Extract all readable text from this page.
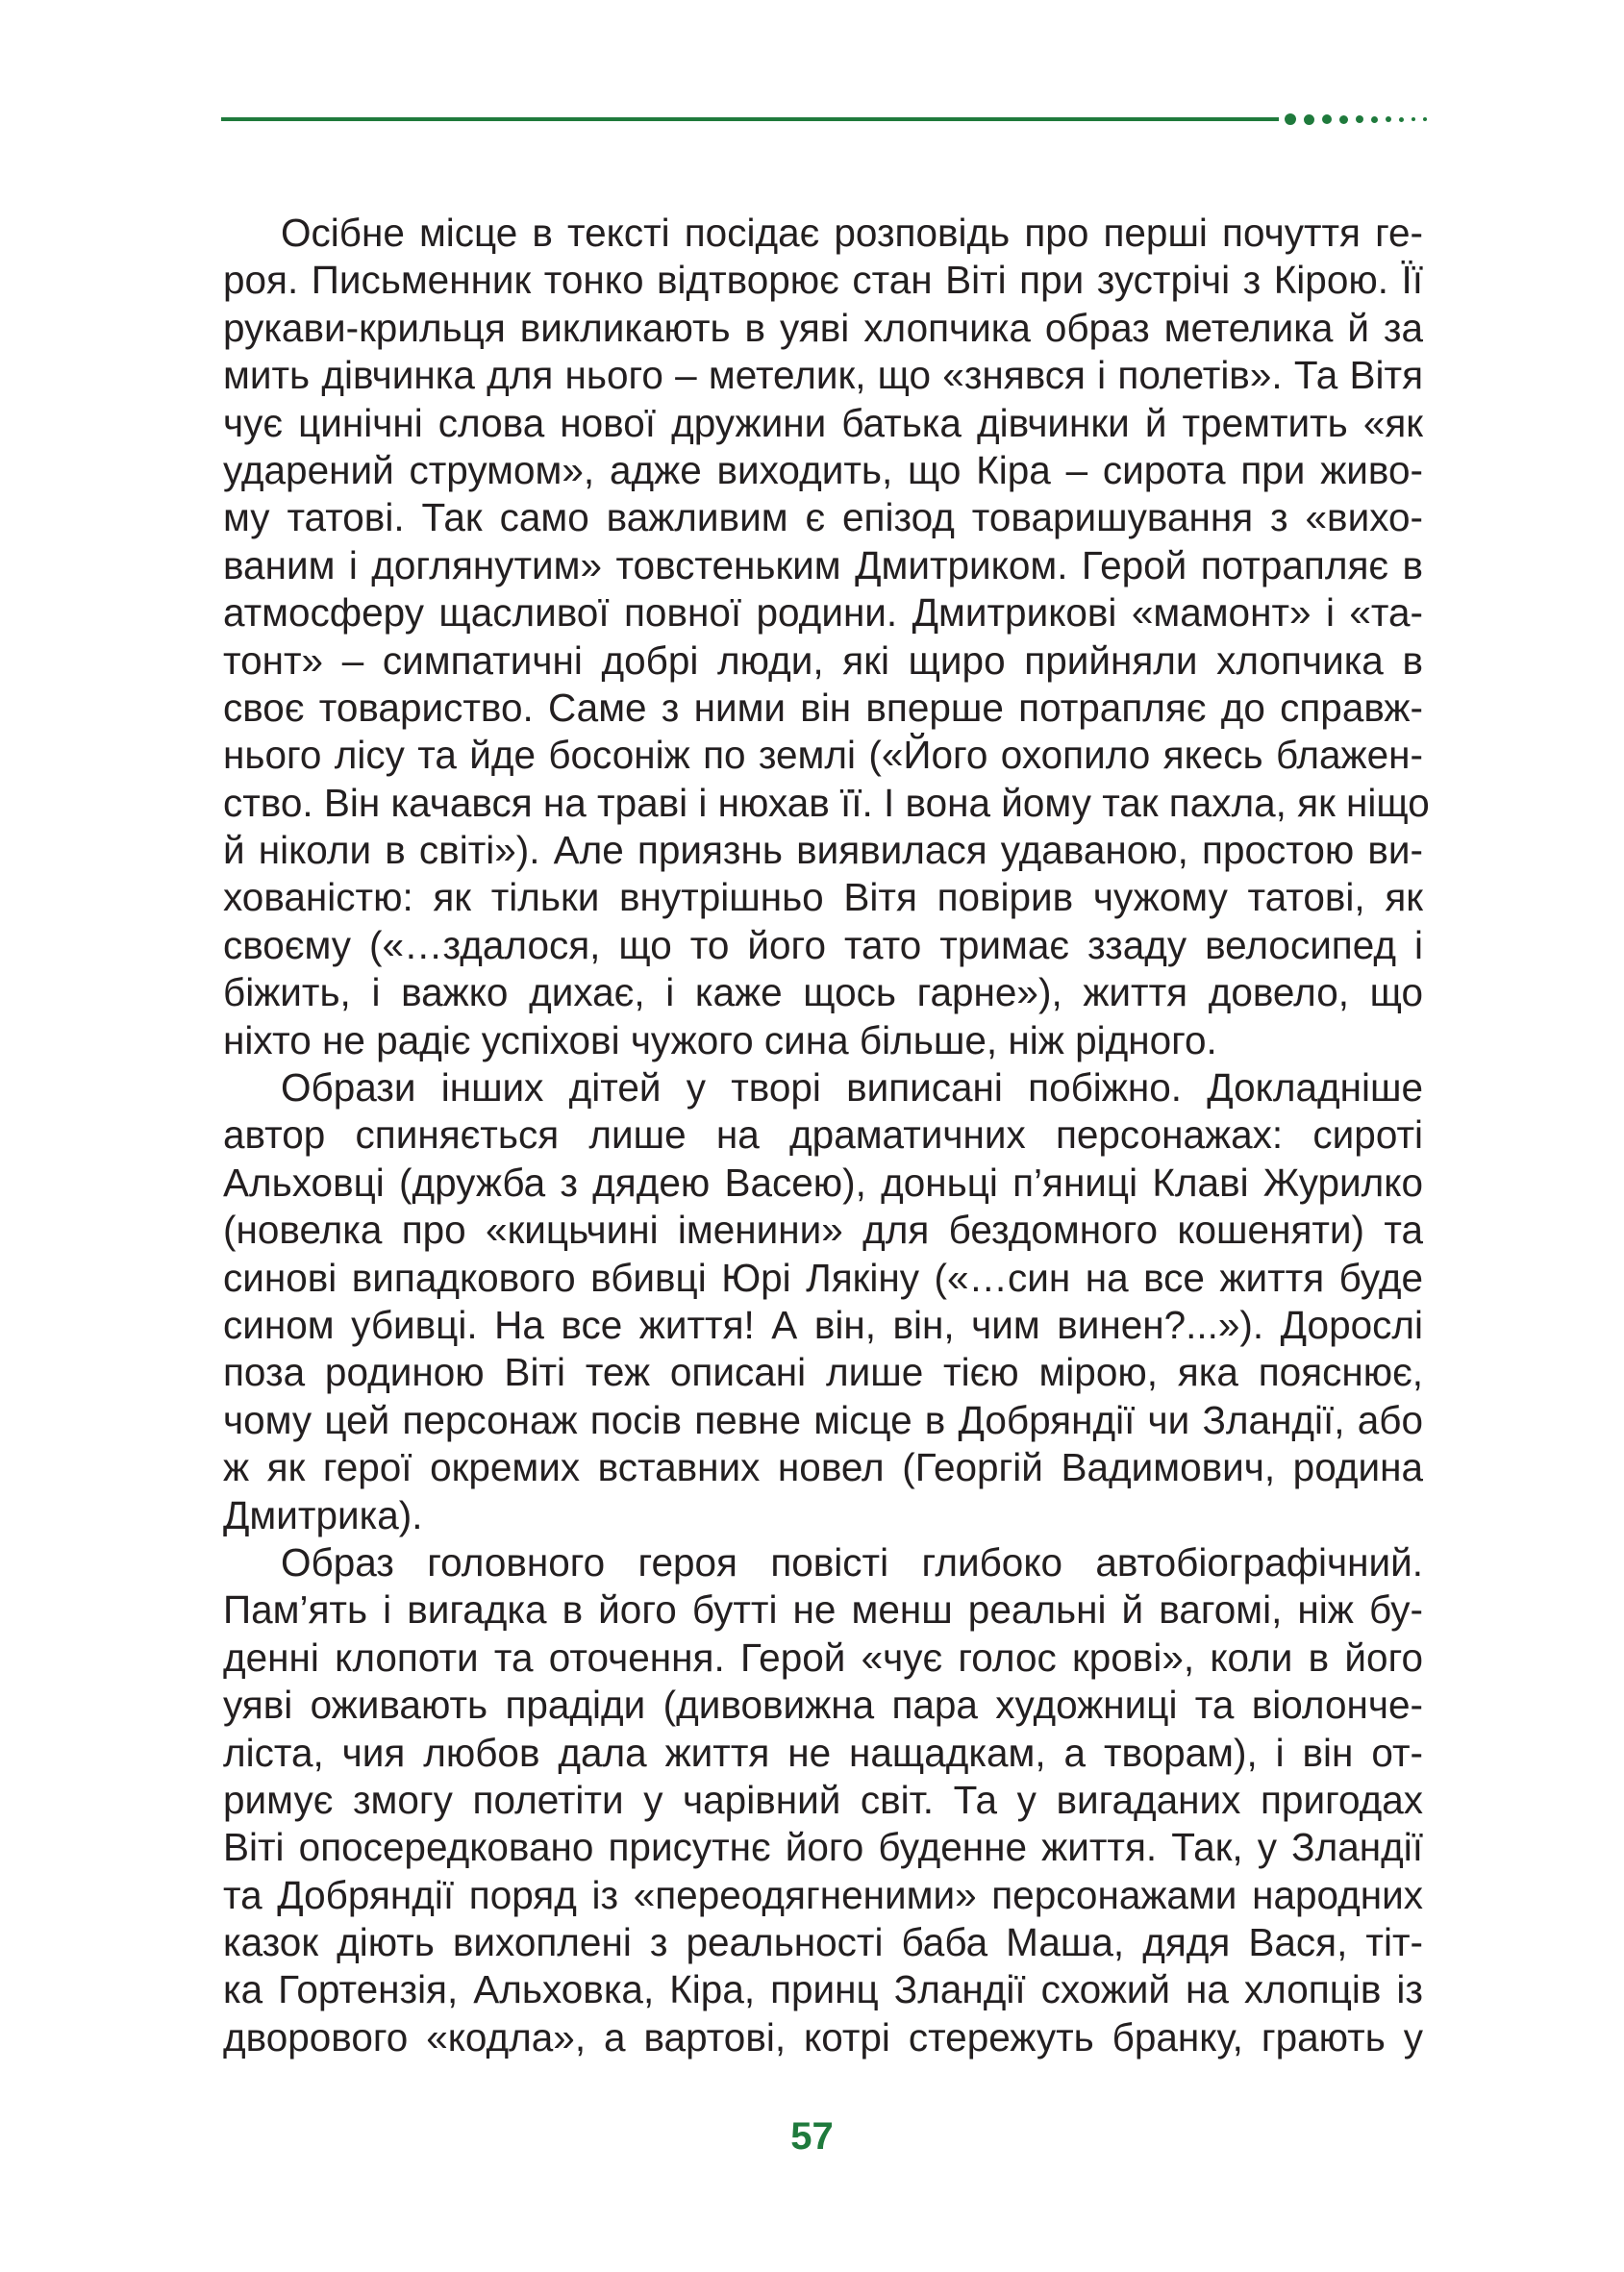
Осібне місце в тексті посідає розповідь про перші почуття ге-
роя. Письменник тонко відтворює стан Віті при зустрічі з Кірою. Її
рукави-крильця викликають в уяві хлопчика образ метелика й за
мить дівчинка для нього – метелик, що «знявся і полетів». Та Вітя
чує цинічні слова нової дружини батька дівчинки й тремтить «як
ударений струмом», адже виходить, що Кіра – сирота при живо-
му татові. Так само важливим є епізод товаришування з «вихо-
ваним і доглянутим» товстеньким Дмитриком. Герой потрапляє в
атмосферу щасливої повної родини. Дмитрикові «мамонт» і «та-
тонт» – симпатичні добрі люди, які щиро прийняли хлопчика в
своє товариство. Саме з ними він вперше потрапляє до справж-
нього лісу та йде босоніж по землі («Його охопило якесь блажен-
ство. Він качався на траві і нюхав її. І вона йому так пахла, як ніщо
й ніколи в світі»). Але приязнь виявилася удаваною, простою ви-
хованістю: як тільки внутрішньо Вітя повірив чужому татові, як
своєму («…здалося, що то його тато тримає ззаду велосипед і
біжить, і важко дихає, і каже щось гарне»), життя довело, що
ніхто не радіє успіхові чужого сина більше, ніж рідного.
Образи інших дітей у творі виписані побіжно. Докладніше
автор спиняється лише на драматичних персонажах: сироті
Альховці (дружба з дядею Васею), доньці п’яниці Клаві Журилко
(новелка про «кицьчині іменини» для бездомного кошеняти) та
синові випадкового вбивці Юрі Лякіну («…син на все життя буде
сином убивці. На все життя! А він, він, чим винен?...»). Дорослі
поза родиною Віті теж описані лише тією мірою, яка пояснює,
чому цей персонаж посів певне місце в Добряндії чи Зландії, або
ж як герої окремих вставних новел (Георгій Вадимович, родина
Дмитрика).
Образ головного героя повісті глибоко автобіографічний.
Пам’ять і вигадка в його бутті не менш реальні й вагомі, ніж бу-
денні клопоти та оточення. Герой «чує голос крові», коли в його
уяві оживають прадіди (дивовижна пара художниці та віолонче-
ліста, чия любов дала життя не нащадкам, а творам), і він от-
римує змогу полетіти у чарівний світ. Та у вигаданих пригодах
Віті опосередковано присутнє його буденне життя. Так, у Зландії
та Добряндії поряд із «переодягненими» персонажами народних
казок діють вихоплені з реальності баба Маша, дядя Вася, тіт-
ка Гортензія, Альховка, Кіра, принц Зландії схожий на хлопців із
дворового «кодла», а вартові, котрі стережуть бранку, грають у
57
